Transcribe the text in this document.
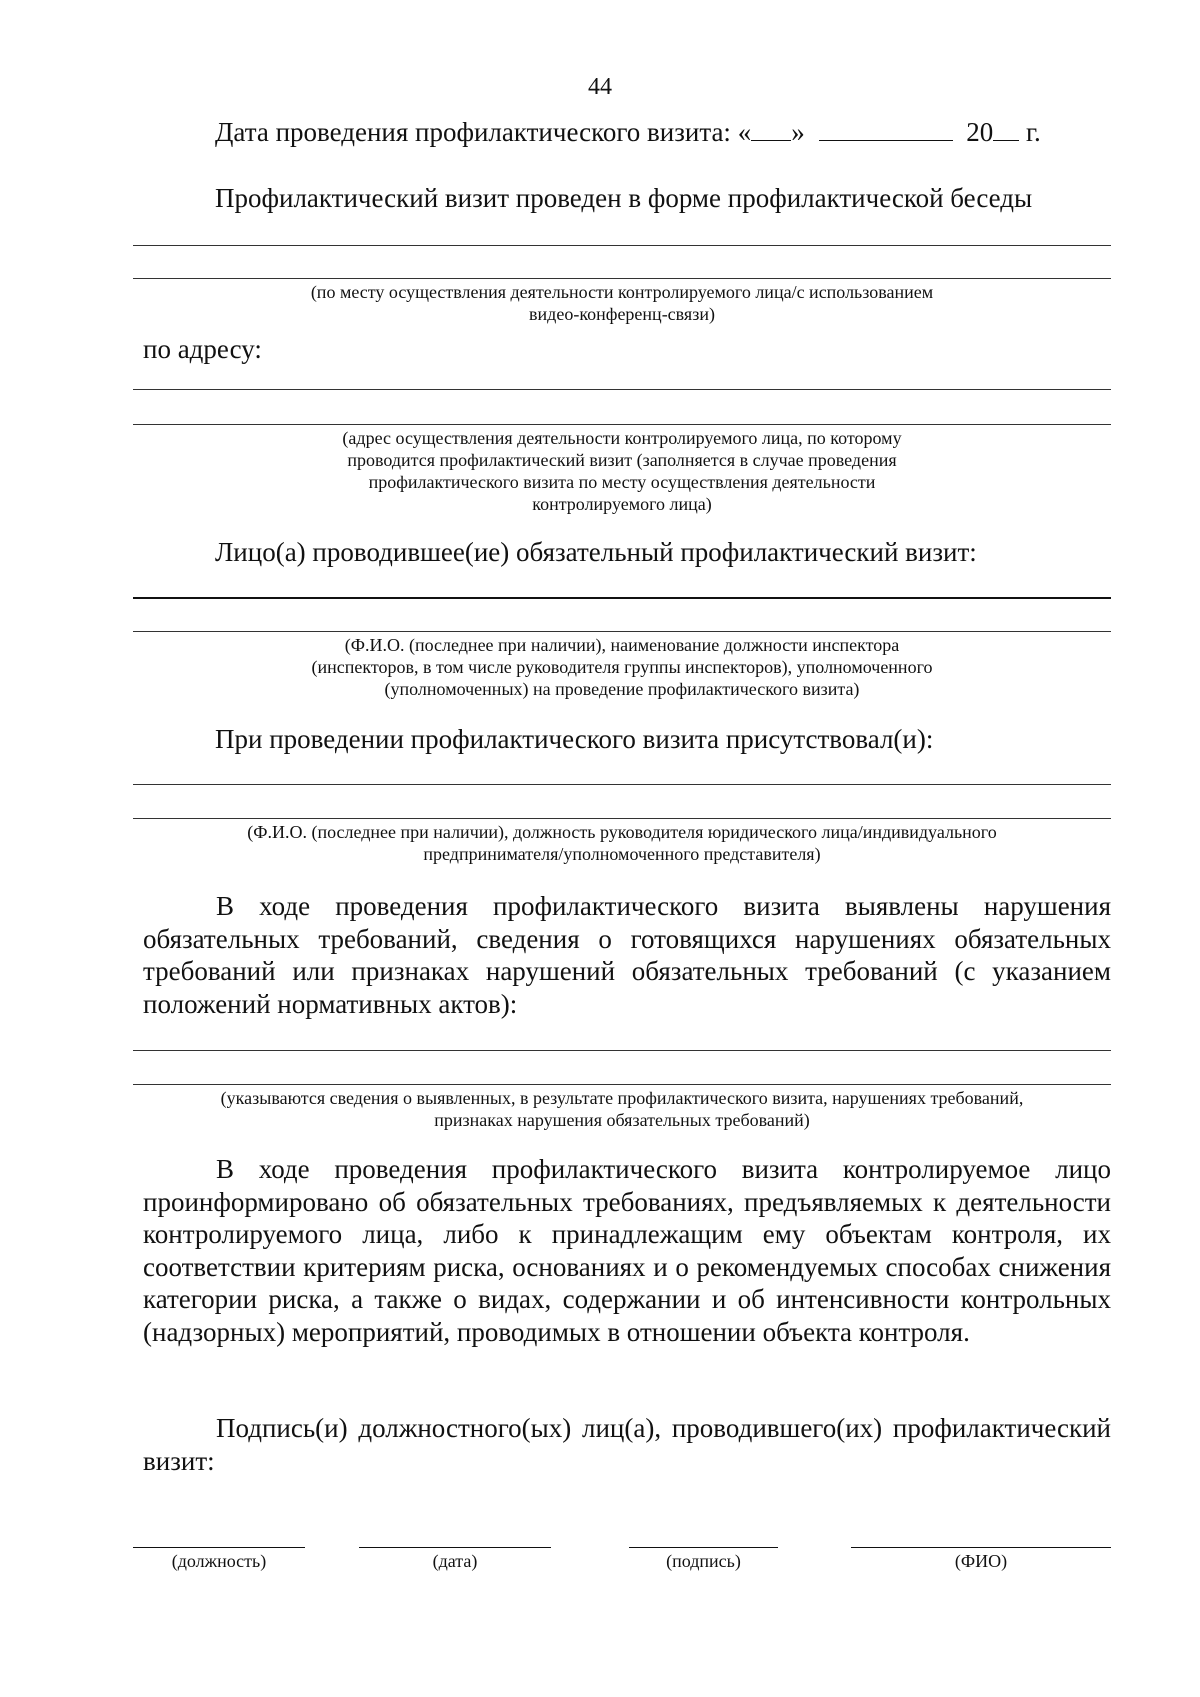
44
Дата проведения профилактического визита: « »	20 г.
Профилактический визит проведен в форме профилактической беседы
(по месту осуществления деятельности контролируемого лица/с использованием
видео-конференц-связи)
по адресу:
(адрес осуществления деятельности контролируемого лица, по которому
проводится профилактический визит (заполняется в случае проведения
профилактического визита по месту осуществления деятельности
контролируемого лица)
Лицо(а) проводившее(ие) обязательный профилактический визит:
(Ф.И.О. (последнее при наличии), наименование должности инспектора
(инспекторов, в том числе руководителя группы инспекторов), уполномоченного
(уполномоченных) на проведение профилактического визита)
При проведении профилактического визита присутствовал(и):
(Ф.И.О. (последнее при наличии), должность руководителя юридического лица/индивидуального
предпринимателя/уполномоченного представителя)
В ходе проведения профилактического визита выявлены нарушения обязательных требований, сведения о готовящихся нарушениях обязательных требований или признаках нарушений обязательных требований (с указанием положений нормативных актов):
(указываются сведения о выявленных, в результате профилактического визита, нарушениях требований,
признаках нарушения обязательных требований)
В ходе проведения профилактического визита контролируемое лицо проинформировано об обязательных требованиях, предъявляемых к деятельности контролируемого лица, либо к принадлежащим ему объектам контроля, их соответствии критериям риска, основаниях и о рекомендуемых способах снижения категории риска, а также о видах, содержании и об интенсивности контрольных (надзорных) мероприятий, проводимых в отношении объекта контроля.
Подпись(и) должностного(ых) лиц(а), проводившего(их) профилактический визит:
(должность)	(дата)	(подпись)	(ФИО)
